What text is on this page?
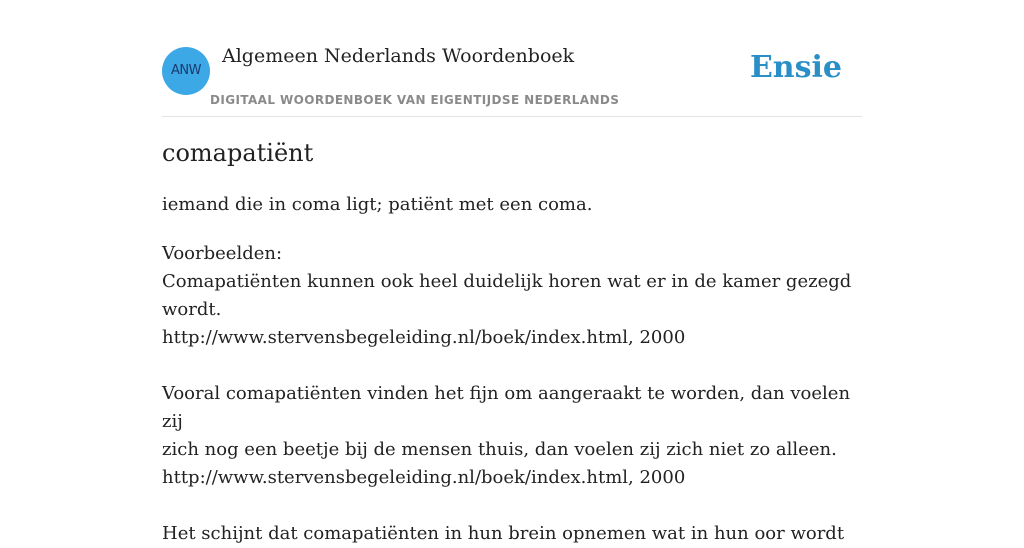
ANW
Algemeen Nederlands Woordenboek
DIGITAAL WOORDENBOEK VAN EIGENTIJDSE NEDERLANDS
Ensie
comapatiënt
iemand die in coma ligt; patiënt met een coma.
Voorbeelden:
Comapatiënten kunnen ook heel duidelijk horen wat er in de kamer gezegd
wordt.
http://www.stervensbegeleiding.nl/boek/index.html, 2000
Vooral comapatiënten vinden het fijn om aangeraakt te worden, dan voelen zij
zich nog een beetje bij de mensen thuis, dan voelen zij zich niet zo alleen.
http://www.stervensbegeleiding.nl/boek/index.html, 2000
Het schijnt dat comapatiënten in hun brein opnemen wat in hun oor wordt
